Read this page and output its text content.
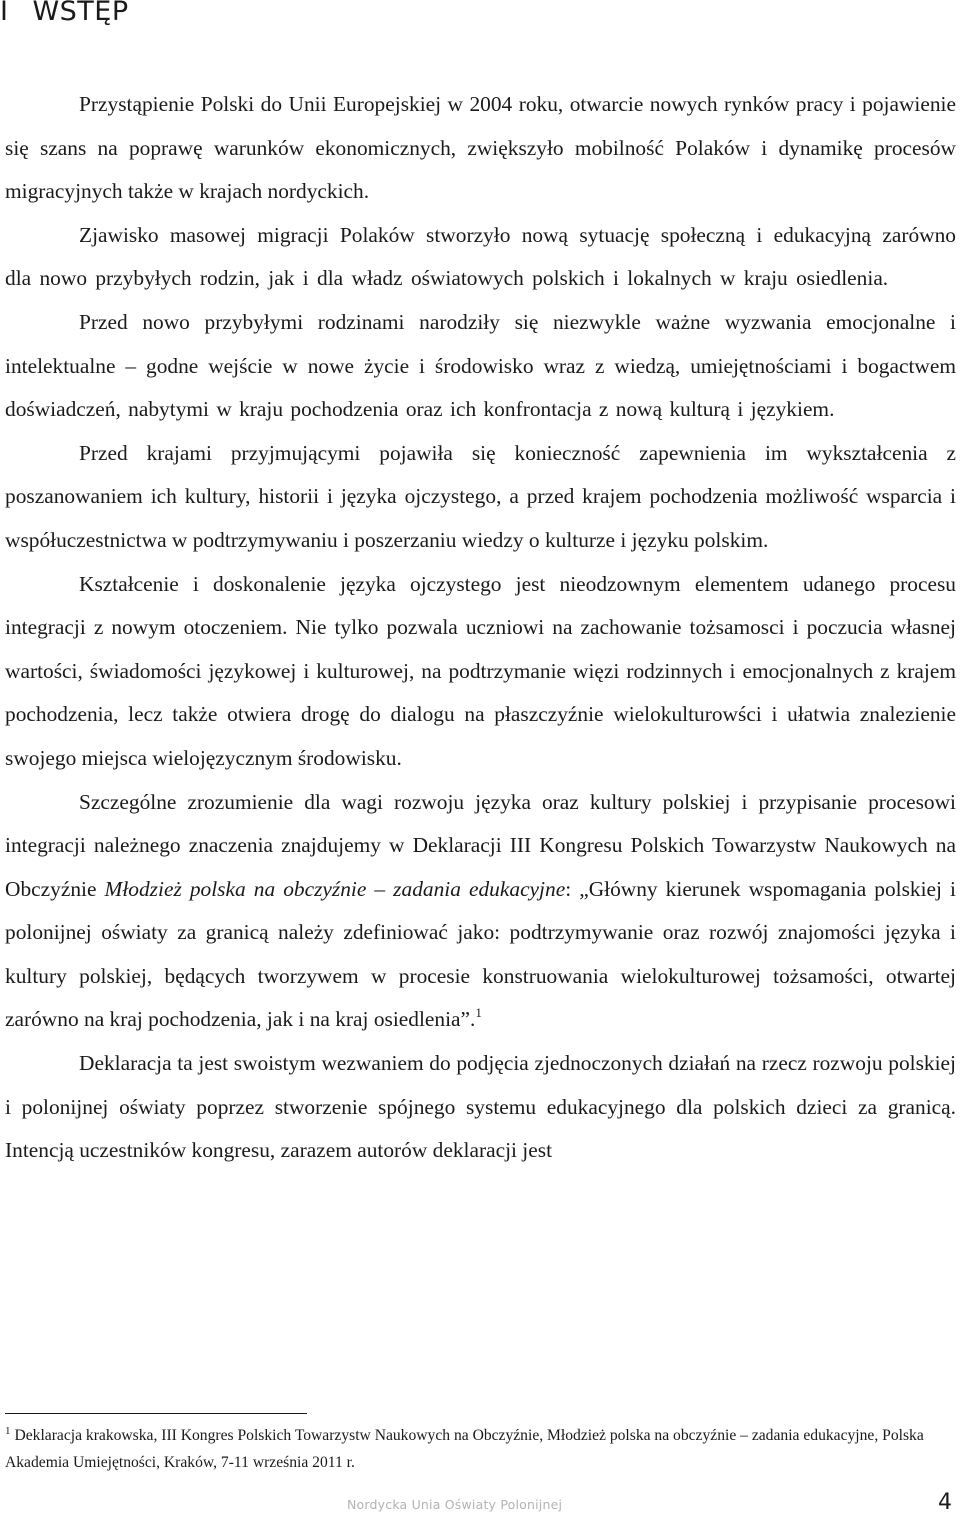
I WSTĘP

Przystąpienie Polski do Unii Europejskiej w 2004 roku, otwarcie nowych rynków pracy i pojawienie się szans na poprawę warunków ekonomicznych, zwiększyło mobilność Polaków i dynamikę procesów migracyjnych także w krajach nordyckich.

Zjawisko masowej migracji Polaków stworzyło nową sytuację społeczną i edukacyjną zarówno dla nowo przybyłych rodzin, jak i dla władz oświatowych polskich i lokalnych w kraju osiedlenia.

Przed nowo przybyłymi rodzinami narodziły się niezwykle ważne wyzwania emocjonalne i intelektualne – godne wejście w nowe życie i środowisko wraz z wiedzą, umiejętnościami i bogactwem doświadczeń, nabytymi w kraju pochodzenia oraz ich konfrontacja z nową kulturą i językiem.

Przed krajami przyjmującymi pojawiła się konieczność zapewnienia im wykształcenia z poszanowaniem ich kultury, historii i języka ojczystego, a przed krajem pochodzenia możliwość wsparcia i współuczestnictwa w podtrzymywaniu i poszerzaniu wiedzy o kulturze i języku polskim.

Kształcenie i doskonalenie języka ojczystego jest nieodzownym elementem udanego procesu integracji z nowym otoczeniem. Nie tylko pozwala uczniowi na zachowanie tożsamosci i poczucia własnej wartości, świadomości językowej i kulturowej, na podtrzymanie więzi rodzinnych i emocjonalnych z krajem pochodzenia, lecz także otwiera drogę do dialogu na płaszczyźnie wielokulturowści i ułatwia znalezienie swojego miejsca wielojęzycznym środowisku.

Szczególne zrozumienie dla wagi rozwoju języka oraz kultury polskiej i przypisanie procesowi integracji należnego znaczenia znajdujemy w Deklaracji III Kongresu Polskich Towarzystw Naukowych na Obczyźnie Młodzież polska na obczyźnie – zadania edukacyjne: „Główny kierunek wspomagania polskiej i polonijnej oświaty za granicą należy zdefiniować jako: podtrzymywanie oraz rozwój znajomości języka i kultury polskiej, będących tworzywem w procesie konstruowania wielokulturowej tożsamości, otwartej zarówno na kraj pochodzenia, jak i na kraj osiedlenia”.$^1$

Deklaracja ta jest swoistym wezwaniem do podjęcia zjednoczonych działań na rzecz rozwoju polskiej i polonijnej oświaty poprzez stworzenie spójnego systemu edukacyjnego dla polskich dzieci za granicą. Intencją uczestników kongresu, zarazem autorów deklaracji jest

$^1$ Deklaracja krakowska, III Kongres Polskich Towarzystw Naukowych na Obczyźnie, Młodzież polska na obczyźnie – zadania edukacyjne, Polska Akademia Umiejętności, Kraków, 7-11 września 2011 r.

Nordycka Unia Oświaty Polonijnej	4
